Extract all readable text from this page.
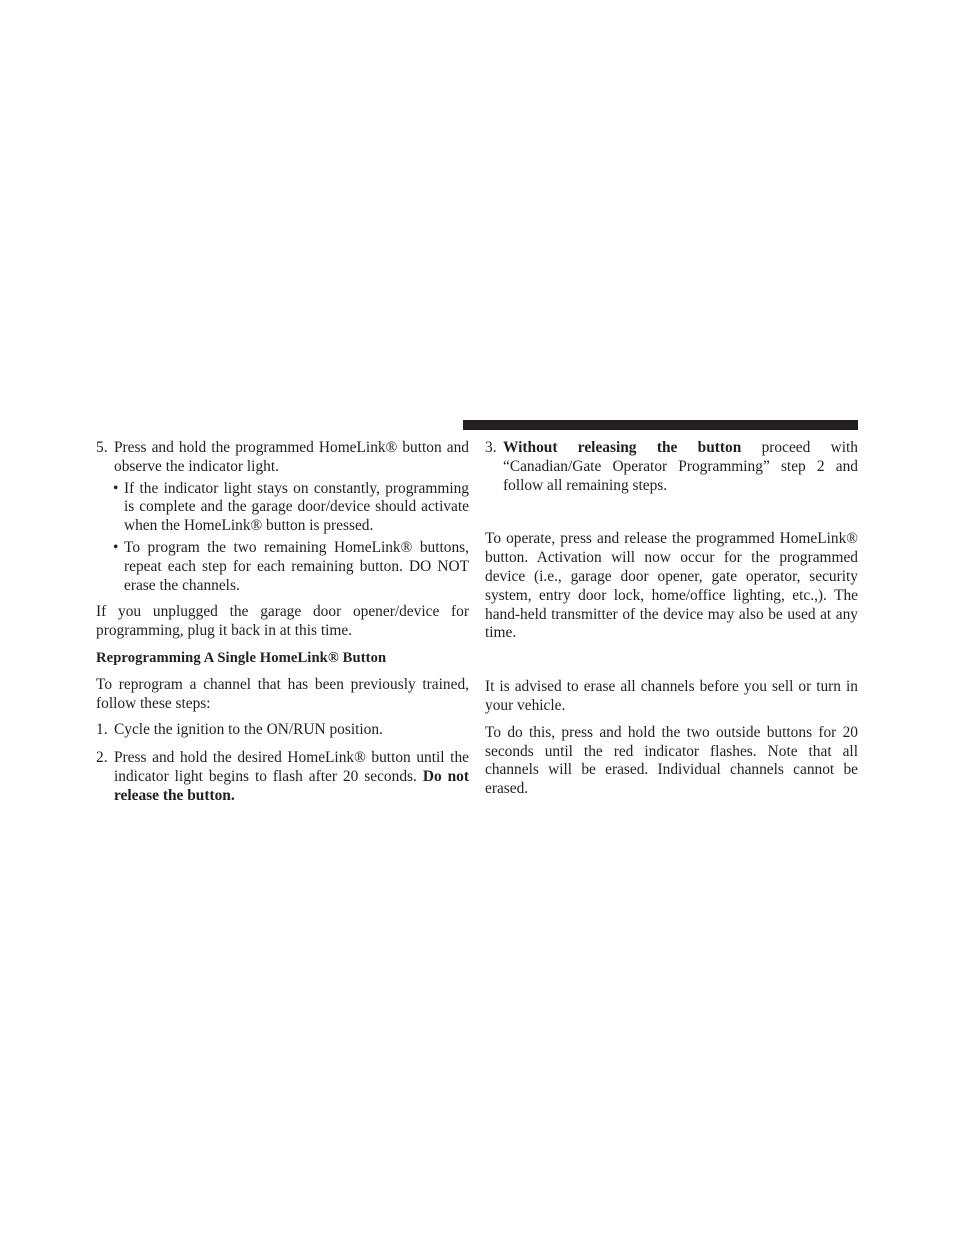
5. Press and hold the programmed HomeLink® button and observe the indicator light.
• If the indicator light stays on constantly, programming is complete and the garage door/device should activate when the HomeLink® button is pressed.
• To program the two remaining HomeLink® buttons, repeat each step for each remaining button. DO NOT erase the channels.

If you unplugged the garage door opener/device for programming, plug it back in at this time.

Reprogramming A Single HomeLink® Button

To reprogram a channel that has been previously trained, follow these steps:

1. Cycle the ignition to the ON/RUN position.
2. Press and hold the desired HomeLink® button until the indicator light begins to flash after 20 seconds. Do not release the button.
3. Without releasing the button proceed with
“Canadian/Gate Operator Programming” step 2 and follow all remaining steps.

To operate, press and release the programmed HomeLink® button. Activation will now occur for the programmed device (i.e., garage door opener, gate operator, security system, entry door lock, home/office lighting, etc.,). The hand-held transmitter of the device may also be used at any time.

It is advised to erase all channels before you sell or turn in your vehicle.

To do this, press and hold the two outside buttons for 20 seconds until the red indicator flashes. Note that all channels will be erased. Individual channels cannot be erased.
